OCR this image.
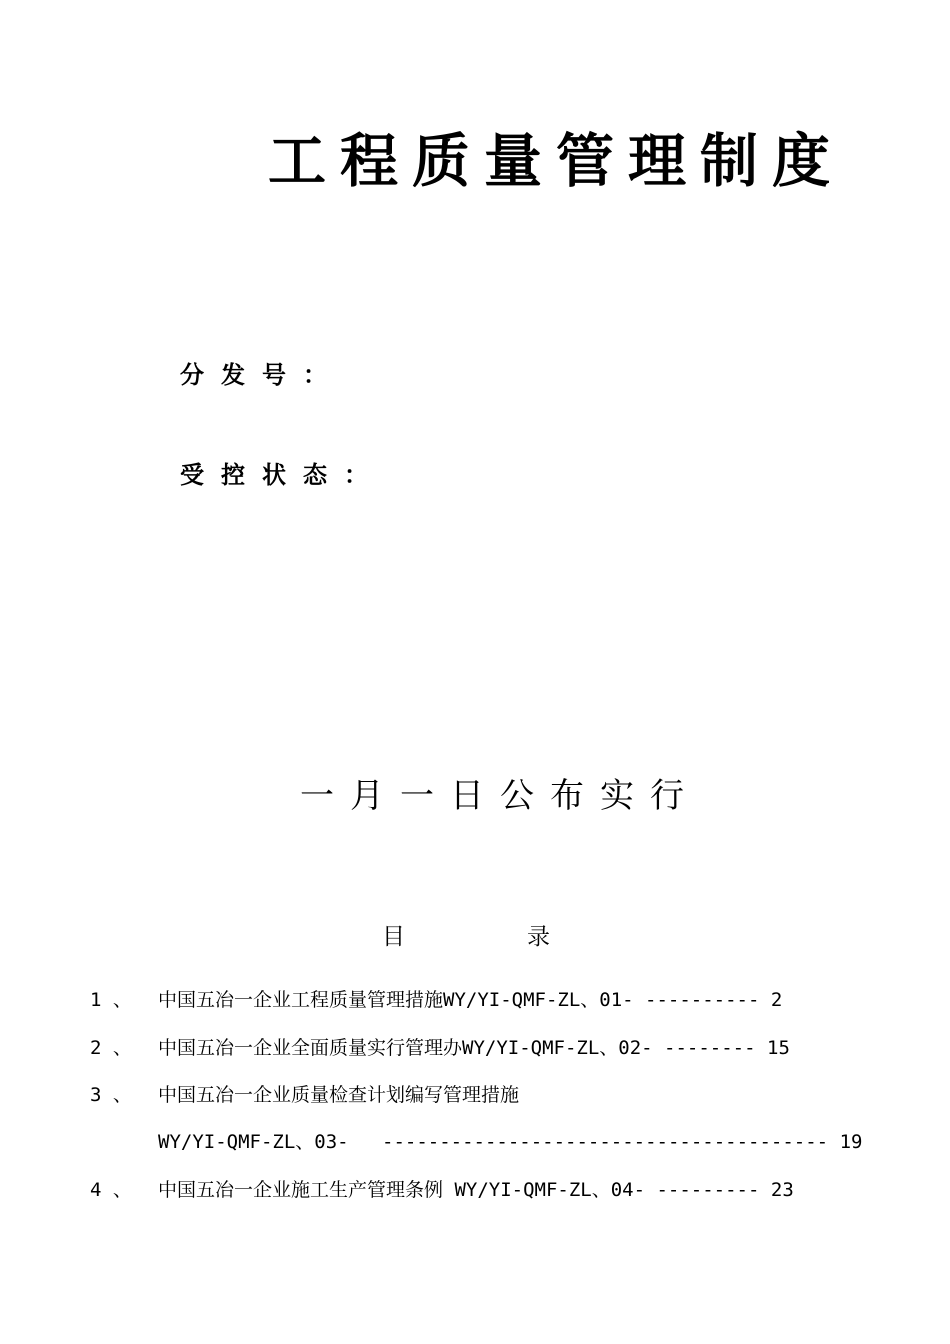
工程质量管理制度
分发号：
受控状态：
一月一日公布实行
目	录
1 、 中国五冶一企业工程质量管理措施WY/YI-QMF-ZL、01- ---------- 2
2 、 中国五冶一企业全面质量实行管理办WY/YI-QMF-ZL、02- -------- 15
3 、 中国五冶一企业质量检查计划编写管理措施
WY/YI-QMF-ZL、03- --------------------------------------- 19
4 、 中国五冶一企业施工生产管理条例 WY/YI-QMF-ZL、04- --------- 23
